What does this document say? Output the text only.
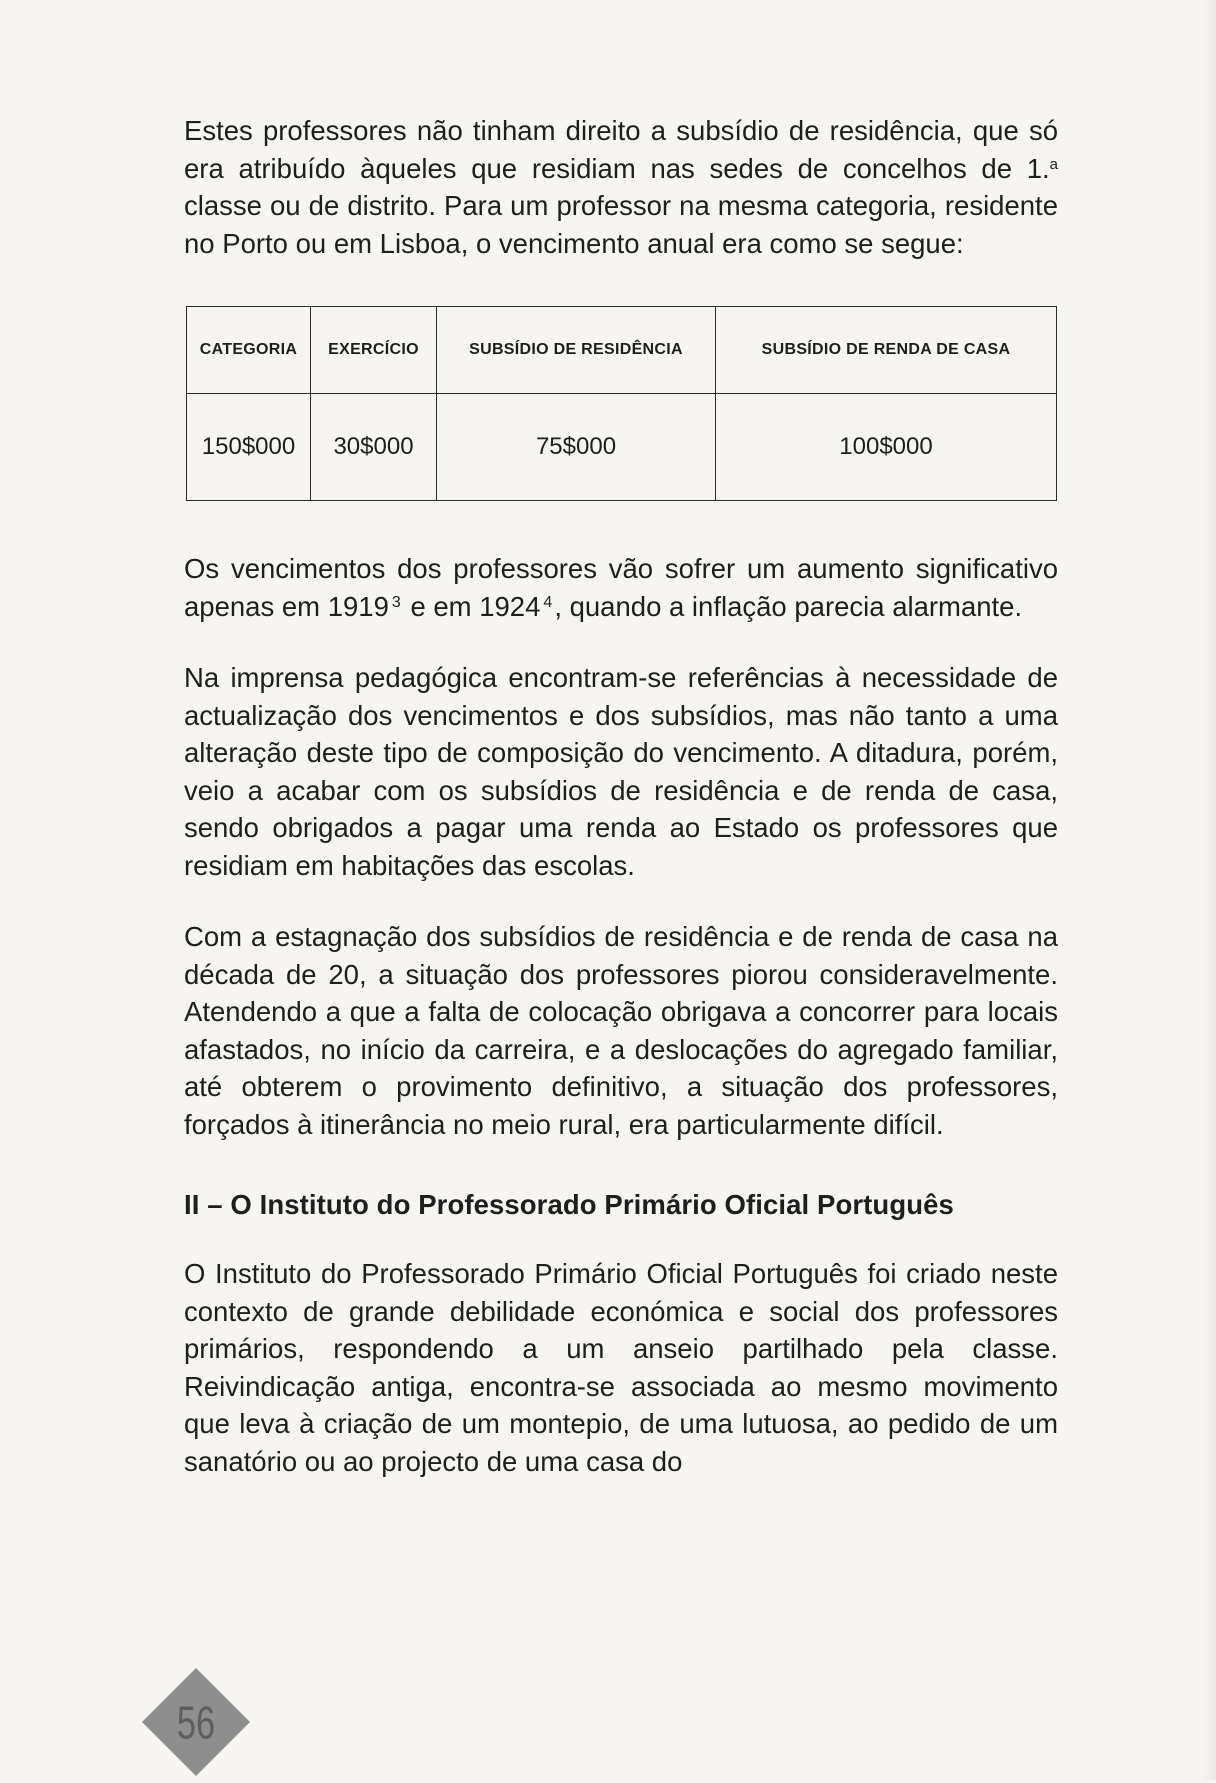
Estes professores não tinham direito a subsídio de residência, que só era atribuído àqueles que residiam nas sedes de concelhos de 1.$^a$ classe ou de distrito. Para um professor na mesma categoria, residente no Porto ou em Lisboa, o vencimento anual era como se segue:

CATEGORIA	EXERCÍCIO	SUBSÍDIO DE RESIDÊNCIA	SUBSÍDIO DE RENDA DE CASA
150$000	30$000	75$000	100$000

Os vencimentos dos professores vão sofrer um aumento significativo apenas em 1919 $^3$ e em 1924 $^4$, quando a inflação parecia alarmante.

Na imprensa pedagógica encontram-se referências à necessidade de actualização dos vencimentos e dos subsídios, mas não tanto a uma alteração deste tipo de composição do vencimento. A ditadura, porém, veio a acabar com os subsídios de residência e de renda de casa, sendo obrigados a pagar uma renda ao Estado os professores que residiam em habitações das escolas.

Com a estagnação dos subsídios de residência e de renda de casa na década de 20, a situação dos professores piorou consideravelmente. Atendendo a que a falta de colocação obrigava a concorrer para locais afastados, no início da carreira, e a deslocações do agregado familiar, até obterem o provimento definitivo, a situação dos professores, forçados à itinerância no meio rural, era particularmente difícil.

II – O Instituto do Professorado Primário Oficial Português

O Instituto do Professorado Primário Oficial Português foi criado neste contexto de grande debilidade económica e social dos professores primários, respondendo a um anseio partilhado pela classe. Reivindicação antiga, encontra-se associada ao mesmo movimento que leva à criação de um montepio, de uma lutuosa, ao pedido de um sanatório ou ao projecto de uma casa do

56
